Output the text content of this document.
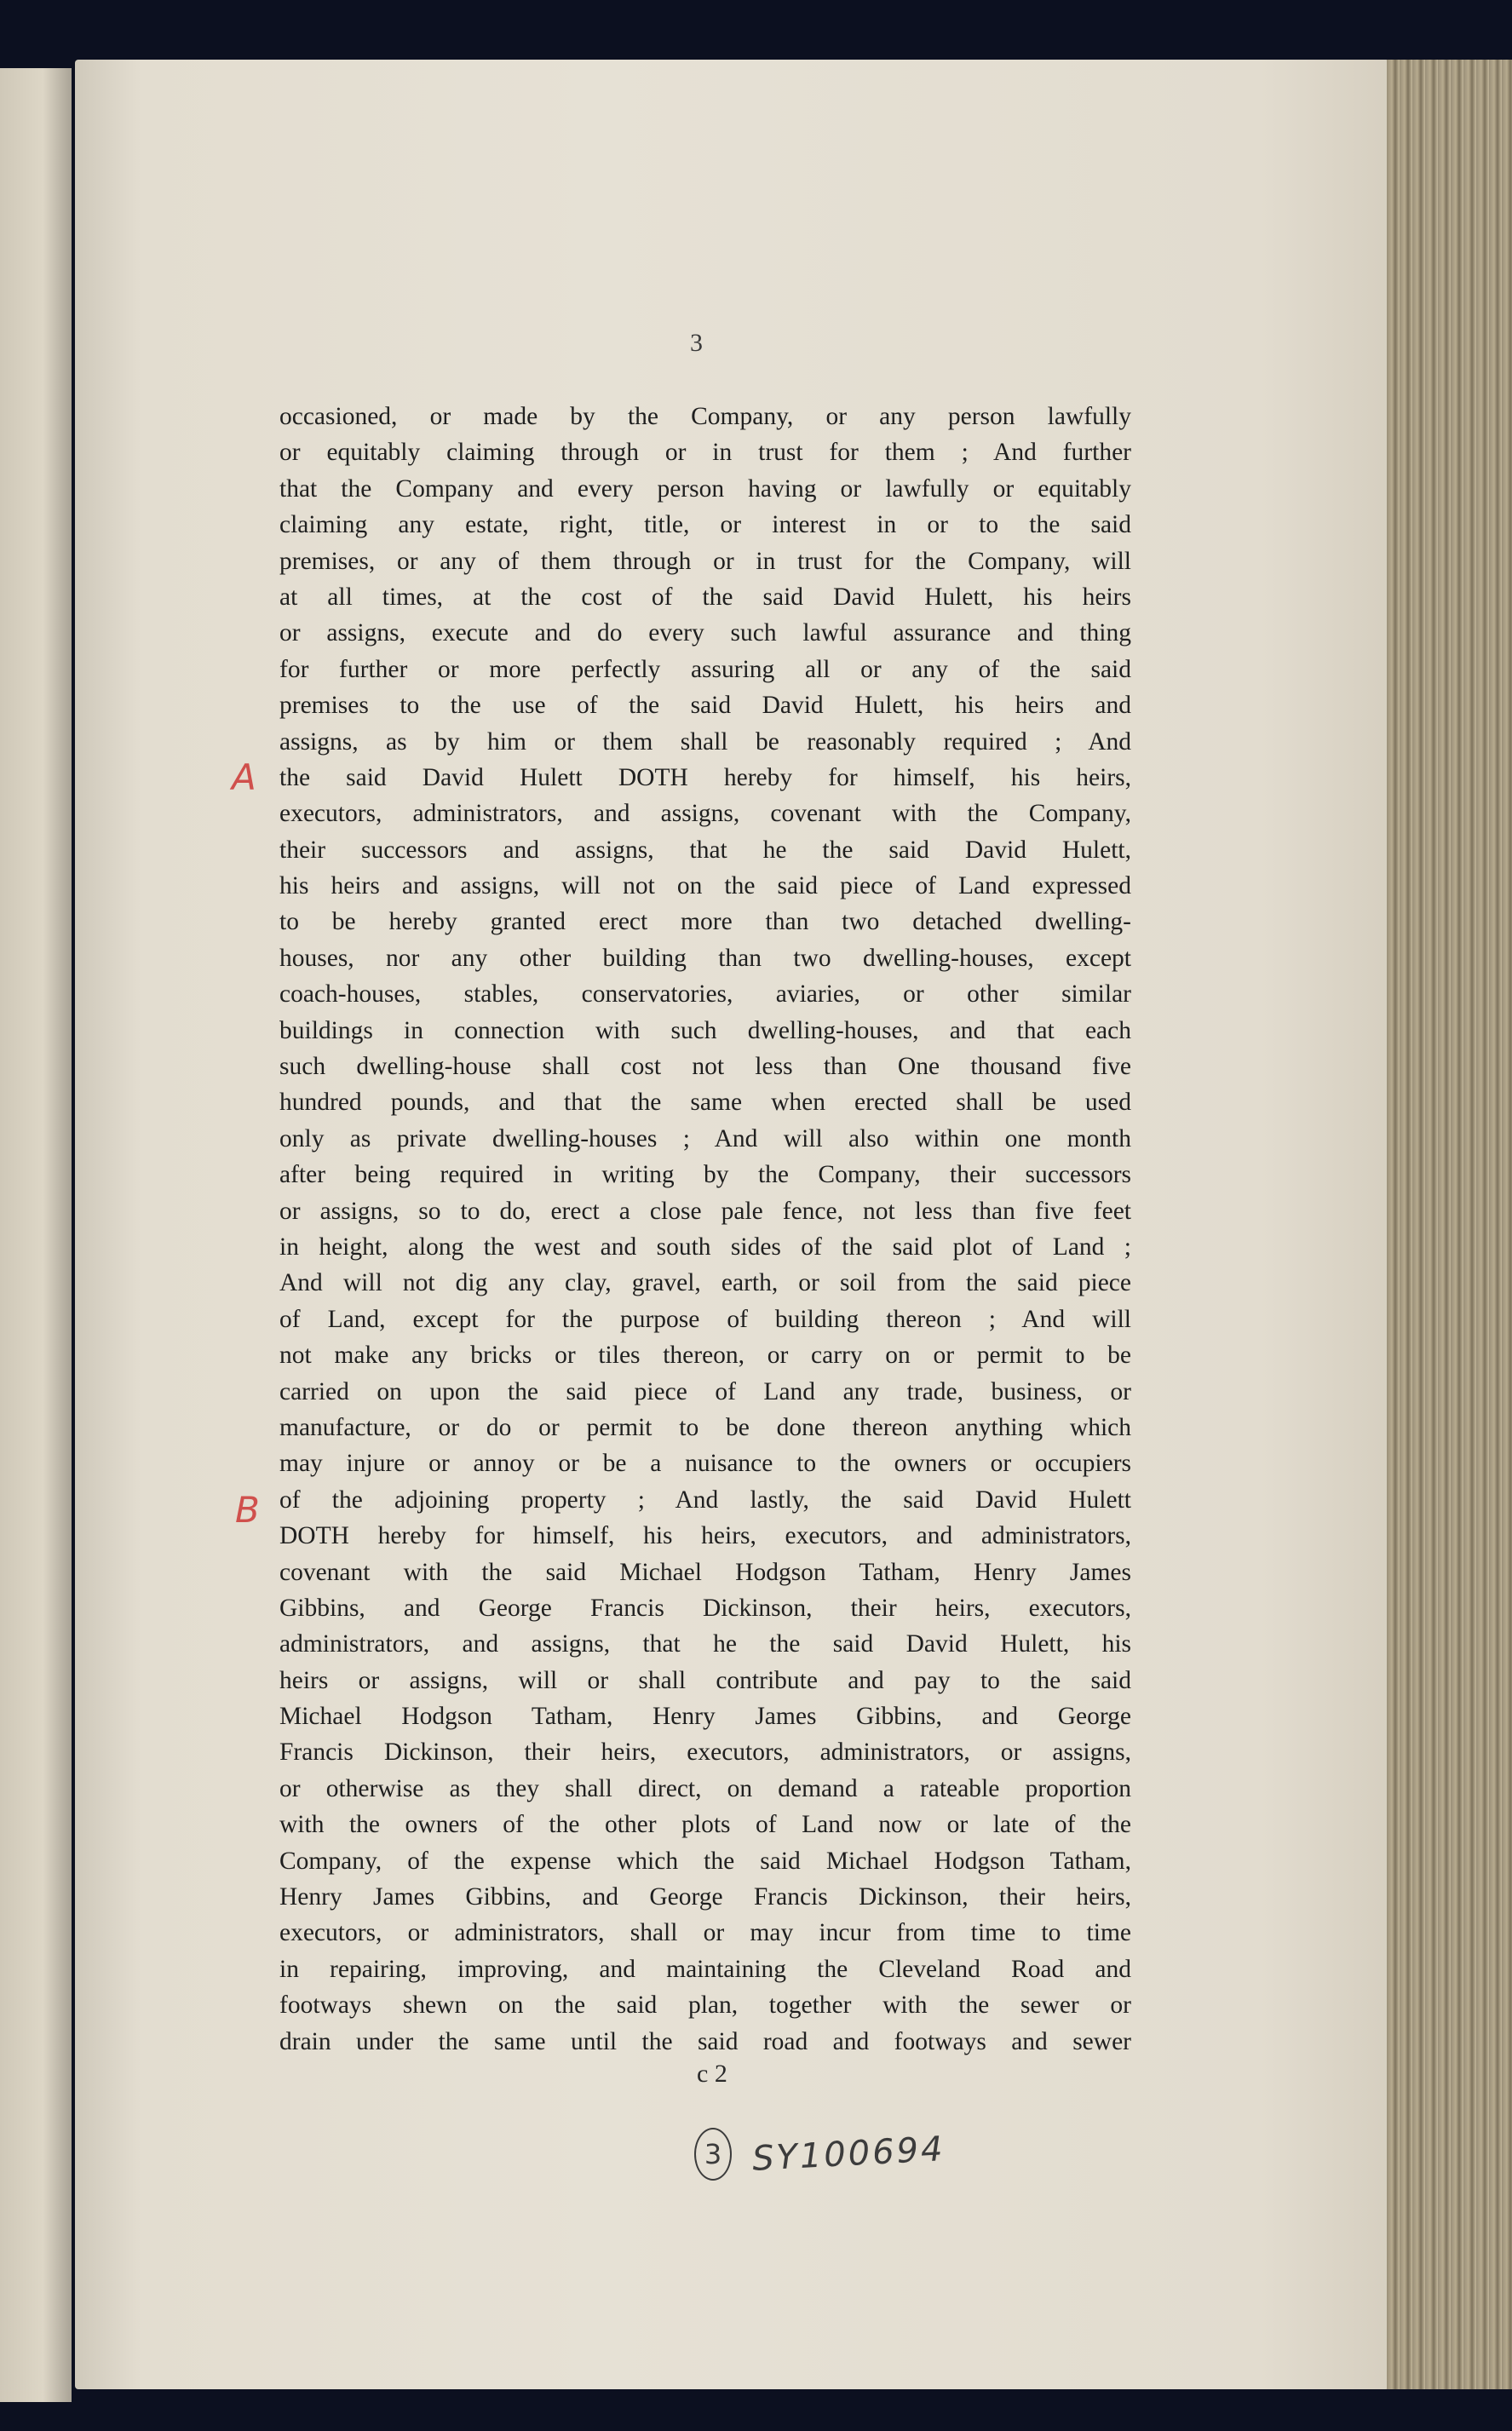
3
occasioned, or made by the Company, or any person lawfully
or equitably claiming through or in trust for them ; And further
that the Company and every person having or lawfully or equitably
claiming any estate, right, title, or interest in or to the said
premises, or any of them through or in trust for the Company, will
at all times, at the cost of the said David Hulett, his heirs
or assigns, execute and do every such lawful assurance and thing
for further or more perfectly assuring all or any of the said
premises to the use of the said David Hulett, his heirs and
assigns, as by him or them shall be reasonably required ; And
the said David Hulett DOTH hereby for himself, his heirs,
executors, administrators, and assigns, covenant with the Company,
their successors and assigns, that he the said David Hulett,
his heirs and assigns, will not on the said piece of Land expressed
to be hereby granted erect more than two detached dwelling-
houses, nor any other building than two dwelling-houses, except
coach-houses, stables, conservatories, aviaries, or other similar
buildings in connection with such dwelling-houses, and that each
such dwelling-house shall cost not less than One thousand five
hundred pounds, and that the same when erected shall be used
only as private dwelling-houses ; And will also within one month
after being required in writing by the Company, their successors
or assigns, so to do, erect a close pale fence, not less than five feet
in height, along the west and south sides of the said plot of Land ;
And will not dig any clay, gravel, earth, or soil from the said piece
of Land, except for the purpose of building thereon ; And will
not make any bricks or tiles thereon, or carry on or permit to be
carried on upon the said piece of Land any trade, business, or
manufacture, or do or permit to be done thereon anything which
may injure or annoy or be a nuisance to the owners or occupiers
of the adjoining property ; And lastly, the said David Hulett
DOTH hereby for himself, his heirs, executors, and administrators,
covenant with the said Michael Hodgson Tatham, Henry James
Gibbins, and George Francis Dickinson, their heirs, executors,
administrators, and assigns, that he the said David Hulett, his
heirs or assigns, will or shall contribute and pay to the said
Michael Hodgson Tatham, Henry James Gibbins, and George
Francis Dickinson, their heirs, executors, administrators, or assigns,
or otherwise as they shall direct, on demand a rateable proportion
with the owners of the other plots of Land now or late of the
Company, of the expense which the said Michael Hodgson Tatham,
Henry James Gibbins, and George Francis Dickinson, their heirs,
executors, or administrators, shall or may incur from time to time
in repairing, improving, and maintaining the Cleveland Road and
footways shewn on the said plan, together with the sewer or
drain under the same until the said road and footways and sewer
A
B
c 2
3 SY100694
